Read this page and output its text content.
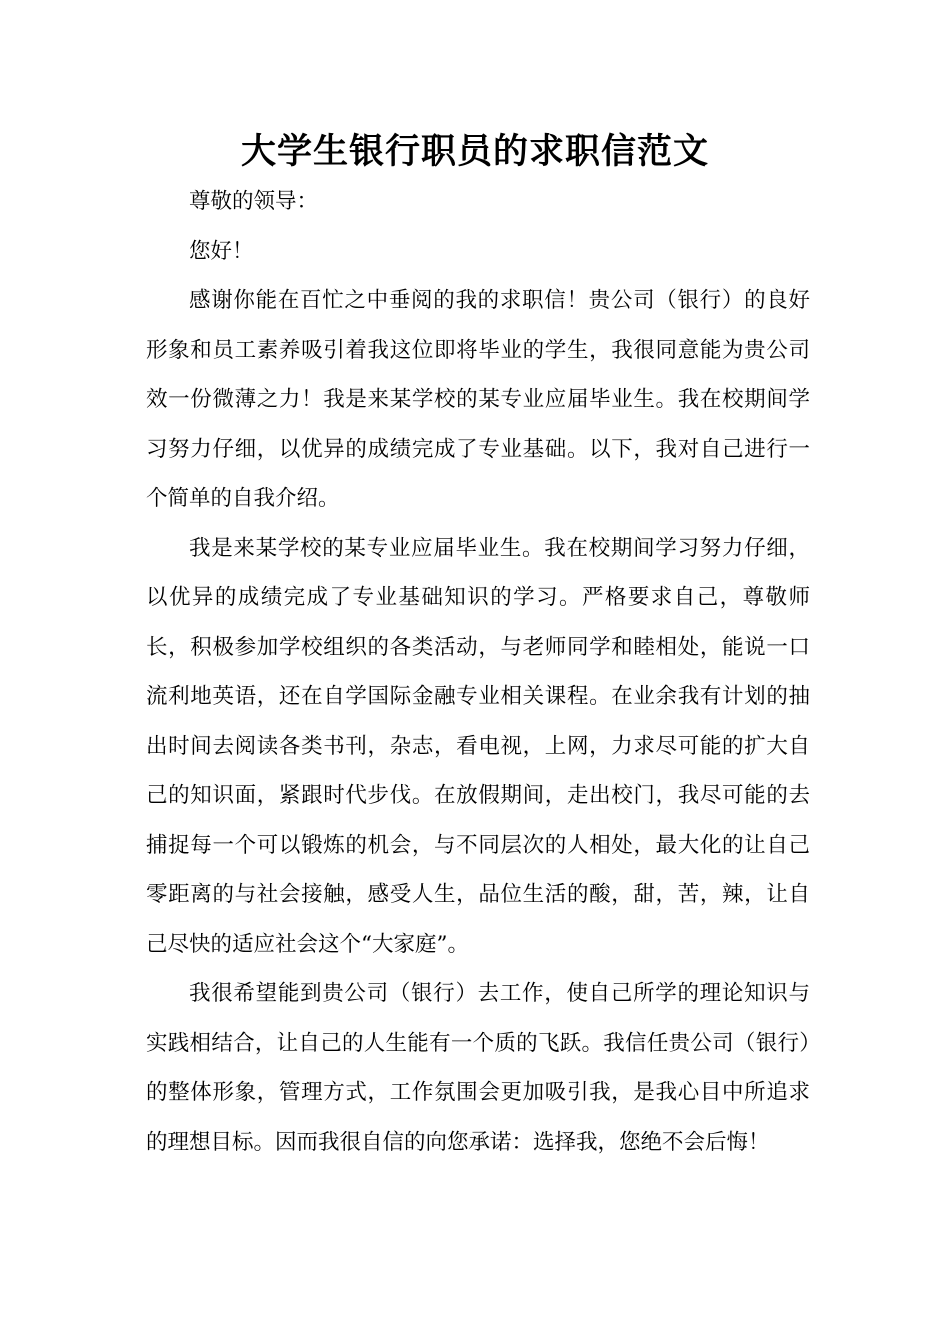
大学生银行职员的求职信范文

尊敬的领导：

您好！

感谢你能在百忙之中垂阅的我的求职信！贵公司（银行）的良好形象和员工素养吸引着我这位即将毕业的学生，我很同意能为贵公司效一份微薄之力！我是来某学校的某专业应届毕业生。我在校期间学习努力仔细，以优异的成绩完成了专业基础。以下，我对自己进行一个简单的自我介绍。

我是来某学校的某专业应届毕业生。我在校期间学习努力仔细，以优异的成绩完成了专业基础知识的学习。严格要求自己，尊敬师长，积极参加学校组织的各类活动，与老师同学和睦相处，能说一口流利地英语，还在自学国际金融专业相关课程。在业余我有计划的抽出时间去阅读各类书刊，杂志，看电视，上网，力求尽可能的扩大自己的知识面，紧跟时代步伐。在放假期间，走出校门，我尽可能的去捕捉每一个可以锻炼的机会，与不同层次的人相处，最大化的让自己零距离的与社会接触，感受人生，品位生活的酸，甜，苦，辣，让自己尽快的适应社会这个“大家庭”。

我很希望能到贵公司（银行）去工作，使自己所学的理论知识与实践相结合，让自己的人生能有一个质的飞跃。我信任贵公司（银行）的整体形象，管理方式，工作氛围会更加吸引我，是我心目中所追求的理想目标。因而我很自信的向您承诺：选择我，您绝不会后悔！
